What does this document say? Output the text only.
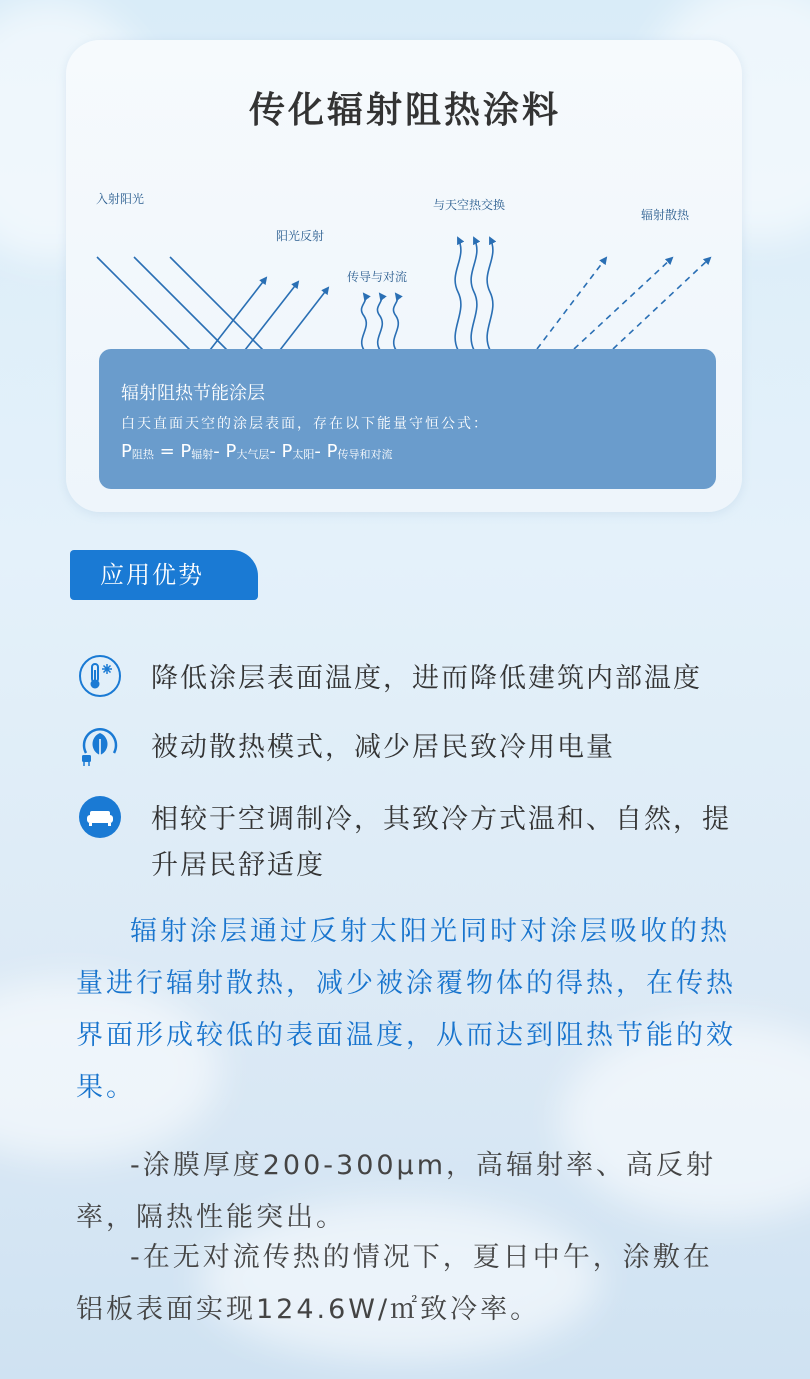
传化辐射阻热涂料
入射阳光
阳光反射
传导与对流
与天空热交换
辐射散热
辐射阻热节能涂层
白天直面天空的涂层表面，存在以下能量守恒公式：
$P_{阻热} = P_{辐射}-$ $P_{大气层}-$ $P_{太阳}-$ $P_{传导和对流}$
应用优势
降低涂层表面温度，进而降低建筑内部温度
被动散热模式，减少居民致冷用电量
相较于空调制冷，其致冷方式温和、自然，提升居民舒适度
辐射涂层通过反射太阳光同时对涂层吸收的热量进行辐射散热，减少被涂覆物体的得热，在传热界面形成较低的表面温度，从而达到阻热节能的效果。
-涂膜厚度200-300μm，高辐射率、高反射率，隔热性能突出。
-在无对流传热的情况下，夏日中午，涂敷在铝板表面实现124.6W/㎡致冷率。
